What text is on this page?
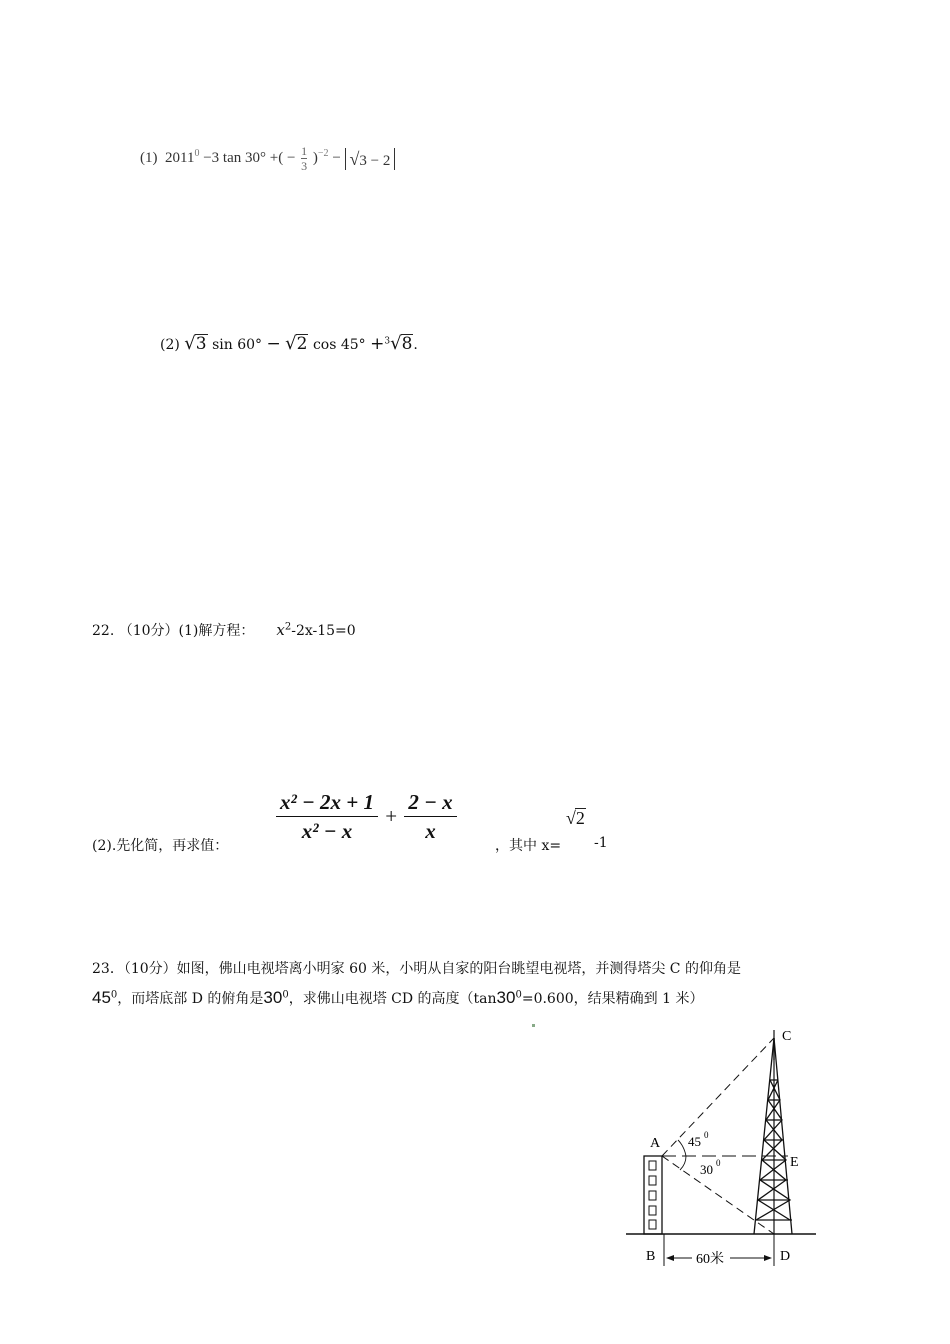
(1) $2011^0 -3$ tan 30° +( − $\frac{1}{3} )^{-2} - √3 - 2$
(2) √3 sin 60° − √2 cos 45° +$^3$√8.
22. （10分）(1)解方程： $x^2-2x-15=0$
(2).先化简，再求值：
$\frac{\text{x² − 2x + 1}}{\text{x² − x}} + \frac{2 - x}{x}$
，其中 x=
√2
-1
23．（10分）如图，佛山电视塔离小明家 60 米，小明从自家的阳台眺望电视塔，并测得塔尖 C 的仰角是
$45^0$，而塔底部 D 的俯角是$30^0$，求佛山电视塔 CD 的高度（$\tan 30^0=0.600$，结果精确到 1 米）
C
A
E
B	D
45 0
30 0
60米
